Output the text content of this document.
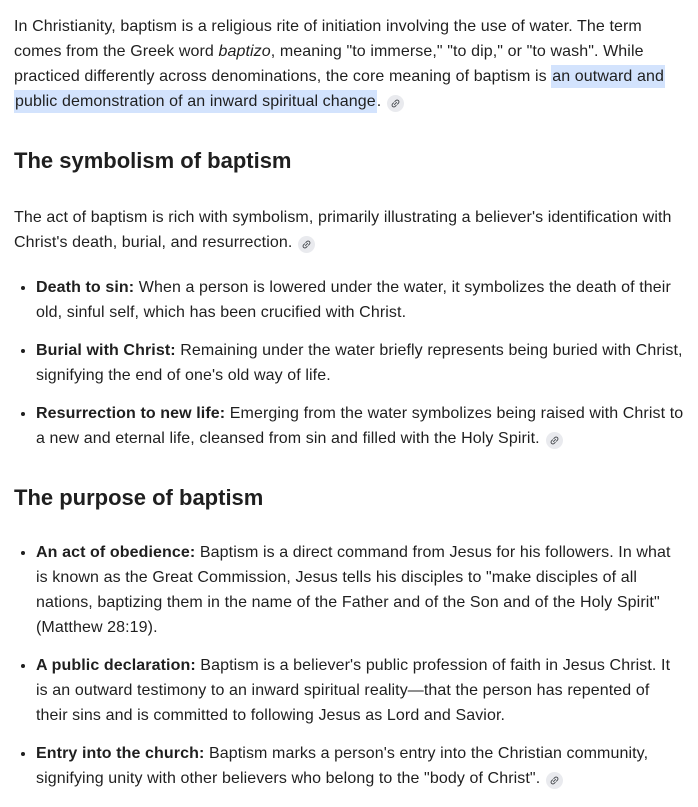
In Christianity, baptism is a religious rite of initiation involving the use of water. The term comes from the Greek word baptizo, meaning "to immerse," "to dip," or "to wash". While practiced differently across denominations, the core meaning of baptism is an outward and public demonstration of an inward spiritual change.

The symbolism of baptism

The act of baptism is rich with symbolism, primarily illustrating a believer's identification with Christ's death, burial, and resurrection.

• Death to sin: When a person is lowered under the water, it symbolizes the death of their old, sinful self, which has been crucified with Christ.
• Burial with Christ: Remaining under the water briefly represents being buried with Christ, signifying the end of one's old way of life.
• Resurrection to new life: Emerging from the water symbolizes being raised with Christ to a new and eternal life, cleansed from sin and filled with the Holy Spirit.
The purpose of baptism
• An act of obedience: Baptism is a direct command from Jesus for his followers. In what is known as the Great Commission, Jesus tells his disciples to "make disciples of all nations, baptizing them in the name of the Father and of the Son and of the Holy Spirit" (Matthew 28:19).
• A public declaration: Baptism is a believer's public profession of faith in Jesus Christ. It is an outward testimony to an inward spiritual reality—that the person has repented of their sins and is committed to following Jesus as Lord and Savior.
• Entry into the church: Baptism marks a person's entry into the Christian community, signifying unity with other believers who belong to the "body of Christ".
